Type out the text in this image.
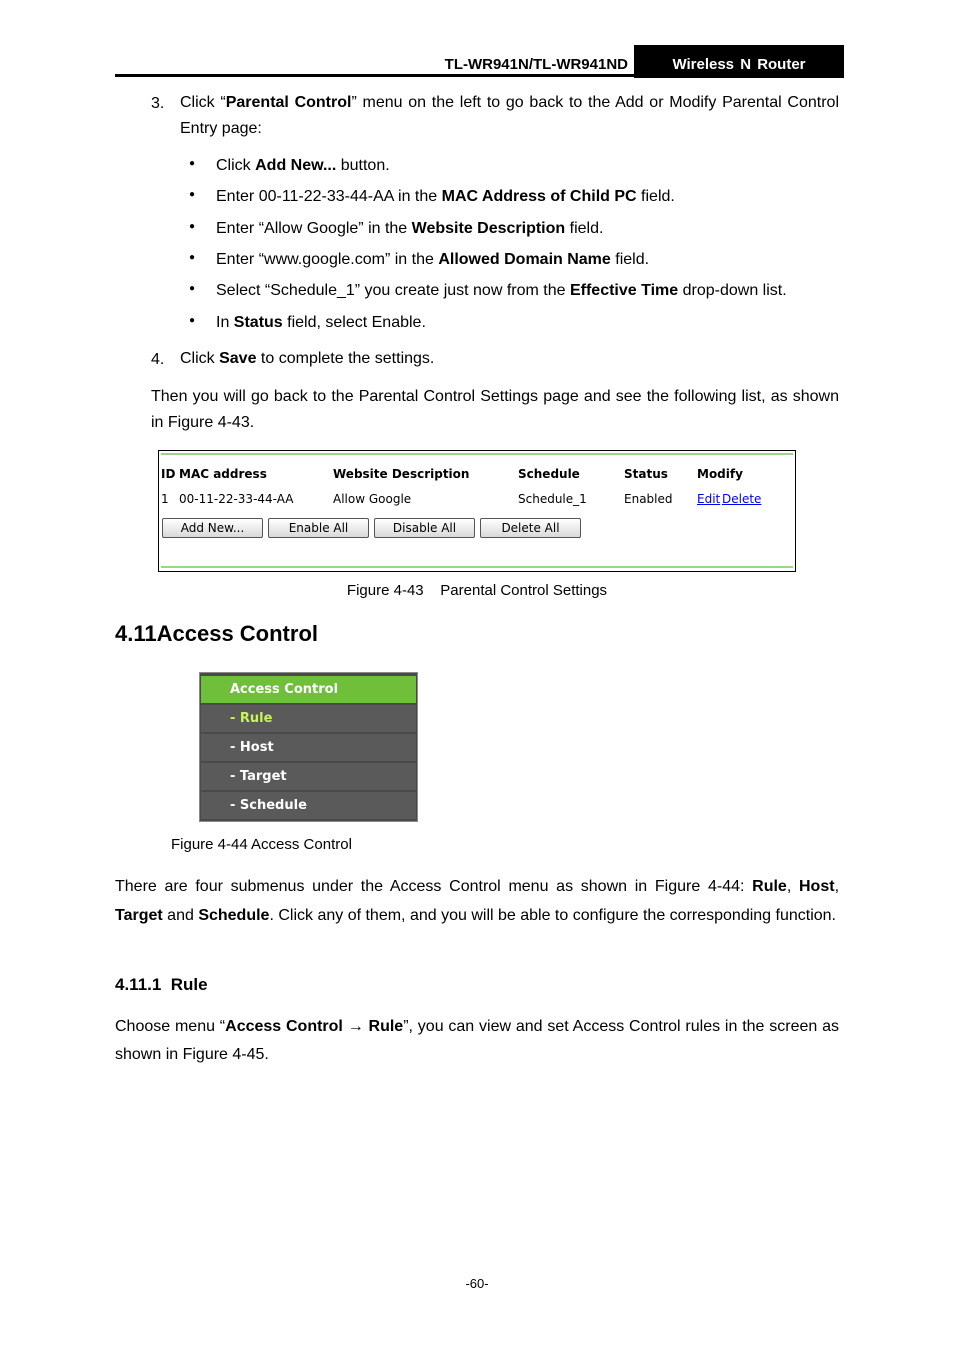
TL-WR941N/TL-WR941ND	Wireless N Router
3. Click “Parental Control” menu on the left to go back to the Add or Modify Parental Control Entry page:
● Click Add New... button.
● Enter 00-11-22-33-44-AA in the MAC Address of Child PC field.
● Enter “Allow Google” in the Website Description field.
● Enter “www.google.com” in the Allowed Domain Name field.
● Select “Schedule_1” you create just now from the Effective Time drop-down list.
● In Status field, select Enable.
4. Click Save to complete the settings.
Then you will go back to the Parental Control Settings page and see the following list, as shown in Figure 4-43.
ID MAC address	Website Description	Schedule	Status Modify
1 00-11-22-33-44-AA	Allow Google	Schedule_1	Enabled Edit Delete
Add New...	Enable All	Disable All	Delete All
Figure 4-43    Parental Control Settings
4.11Access Control
Access Control
- Rule
- Host
- Target
- Schedule
Figure 4-44 Access Control
There are four submenus under the Access Control menu as shown in Figure 4-44: Rule, Host, Target and Schedule. Click any of them, and you will be able to configure the corresponding function.
4.11.1  Rule
Choose menu “Access Control → Rule”, you can view and set Access Control rules in the screen as shown in Figure 4-45.
-60-
